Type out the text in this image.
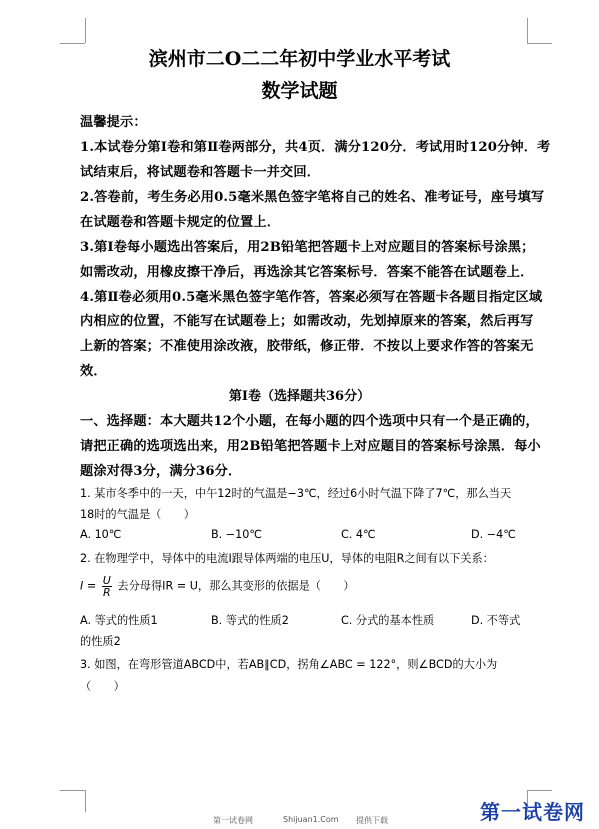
滨州市二O二二年初中学业水平考试
数学试题
温馨提示：
1.本试卷分第Ⅰ卷和第Ⅱ卷两部分，共4页．满分120分．考试用时120分钟．考
试结束后，将试题卷和答题卡一并交回．
2.答卷前，考生务必用0.5毫米黑色签字笔将自己的姓名、准考证号，座号填写
在试题卷和答题卡规定的位置上．
3.第Ⅰ卷每小题选出答案后，用2B铅笔把答题卡上对应题目的答案标号涂黑；
如需改动，用橡皮擦干净后，再选涂其它答案标号．答案不能答在试题卷上．
4.第Ⅱ卷必须用0.5毫米黑色签字笔作答，答案必须写在答题卡各题目指定区域
内相应的位置，不能写在试题卷上；如需改动，先划掉原来的答案，然后再写
上新的答案；不准使用涂改液，胶带纸，修正带．不按以上要求作答的答案无
效．
第Ⅰ卷（选择题共36分）
一、选择题：本大题共12个小题，在每小题的四个选项中只有一个是正确的，
请把正确的选项选出来，用2B铅笔把答题卡上对应题目的答案标号涂黑．每小
题涂对得3分，满分36分．
1. 某市冬季中的一天，中午12时的气温是−3℃，经过6小时气温下降了7℃，那么当天
18时的气温是（　　）
A. 10℃	B. −10℃	C. 4℃	D. −4℃
2. 在物理学中，导体中的电流Ⅰ跟导体两端的电压U，导体的电阻R之间有以下关系：
$I = \frac{U}{R}$ 去分母得IR = U，那么其变形的依据是（　　）
A. 等式的性质1	B. 等式的性质2	C. 分式的基本性质	D. 不等式
的性质2
3. 如图，在弯形管道ABCD中，若AB∥CD，拐角∠ABC = 122°，则∠BCD的大小为
（　　）
第一试卷网	Shijuan1.Com 提供下载	第一试卷网
